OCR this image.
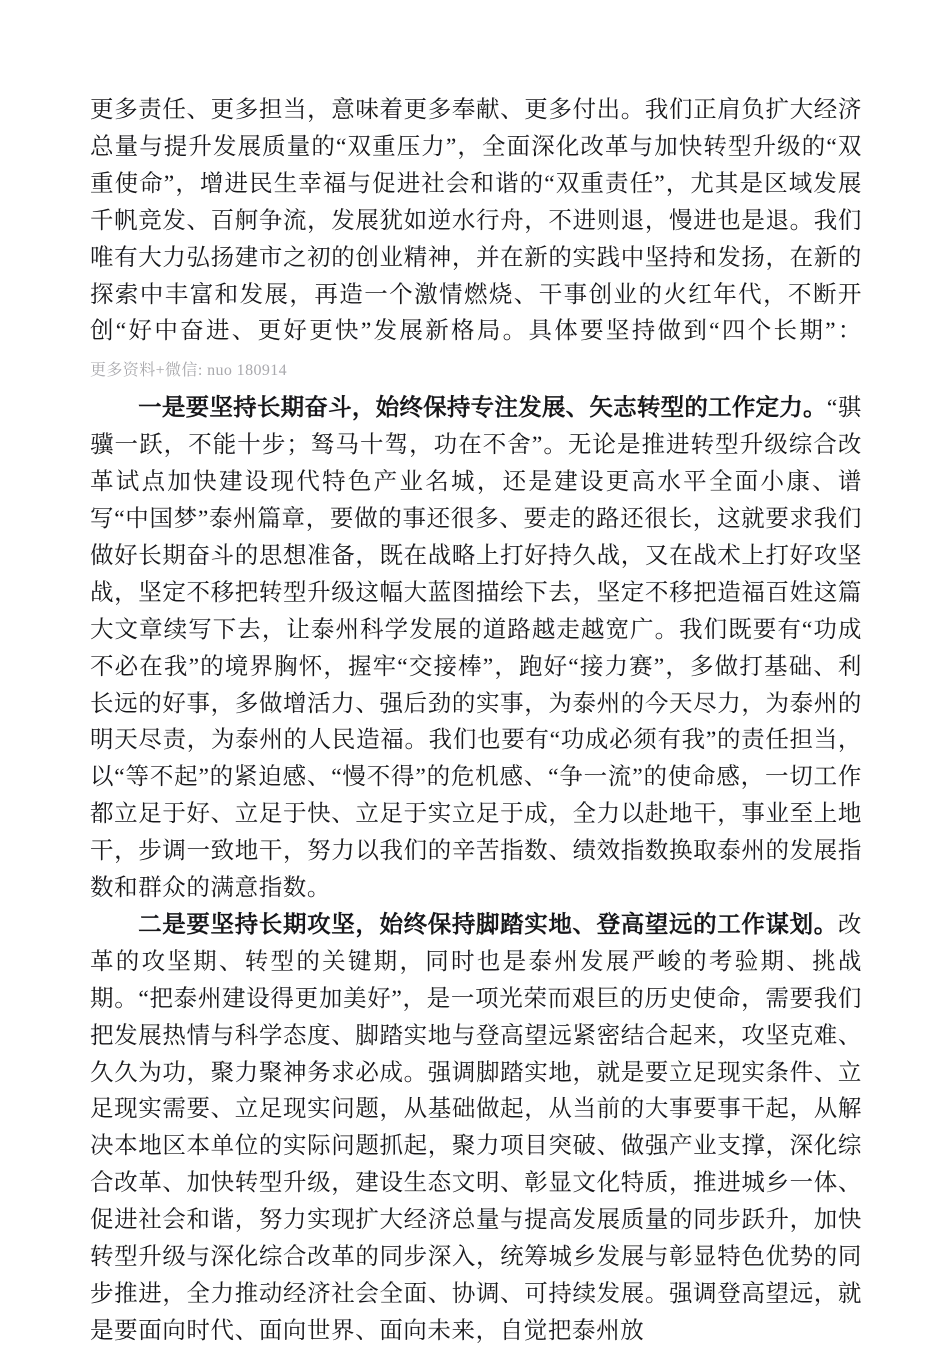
更多责任、更多担当，意味着更多奉献、更多付出。我们正肩负扩大经济总量与提升发展质量的“双重压力”，全面深化改革与加快转型升级的“双重使命”，增进民生幸福与促进社会和谐的“双重责任”，尤其是区域发展千帆竞发、百舸争流，发展犹如逆水行舟，不进则退，慢进也是退。我们唯有大力弘扬建市之初的创业精神，并在新的实践中坚持和发扬，在新的探索中丰富和发展，再造一个激情燃烧、干事创业的火红年代，不断开创“好中奋进、更好更快”发展新格局。具体要坚持做到“四个长期”：更多资料+微信: nuo 180914

一是要坚持长期奋斗，始终保持专注发展、矢志转型的工作定力。“骐骥一跃，不能十步；驽马十驾，功在不舍”。无论是推进转型升级综合改革试点加快建设现代特色产业名城，还是建设更高水平全面小康、谱写“中国梦”泰州篇章，要做的事还很多、要走的路还很长，这就要求我们做好长期奋斗的思想准备，既在战略上打好持久战，又在战术上打好攻坚战，坚定不移把转型升级这幅大蓝图描绘下去，坚定不移把造福百姓这篇大文章续写下去，让泰州科学发展的道路越走越宽广。我们既要有“功成不必在我”的境界胸怀，握牢“交接棒”，跑好“接力赛”，多做打基础、利长远的好事，多做增活力、强后劲的实事，为泰州的今天尽力，为泰州的明天尽责，为泰州的人民造福。我们也要有“功成必须有我”的责任担当，以“等不起”的紧迫感、“慢不得”的危机感、“争一流”的使命感，一切工作都立足于好、立足于快、立足于实立足于成，全力以赴地干，事业至上地干，步调一致地干，努力以我们的辛苦指数、绩效指数换取泰州的发展指数和群众的满意指数。

二是要坚持长期攻坚，始终保持脚踏实地、登高望远的工作谋划。改革的攻坚期、转型的关键期，同时也是泰州发展严峻的考验期、挑战期。“把泰州建设得更加美好”，是一项光荣而艰巨的历史使命，需要我们把发展热情与科学态度、脚踏实地与登高望远紧密结合起来，攻坚克难、久久为功，聚力聚神务求必成。强调脚踏实地，就是要立足现实条件、立足现实需要、立足现实问题，从基础做起，从当前的大事要事干起，从解决本地区本单位的实际问题抓起，聚力项目突破、做强产业支撑，深化综合改革、加快转型升级，建设生态文明、彰显文化特质，推进城乡一体、促进社会和谐，努力实现扩大经济总量与提高发展质量的同步跃升，加快转型升级与深化综合改革的同步深入，统筹城乡发展与彰显特色优势的同步推进，全力推动经济社会全面、协调、可持续发展。强调登高望远，就是要面向时代、面向世界、面向未来，自觉把泰州放
